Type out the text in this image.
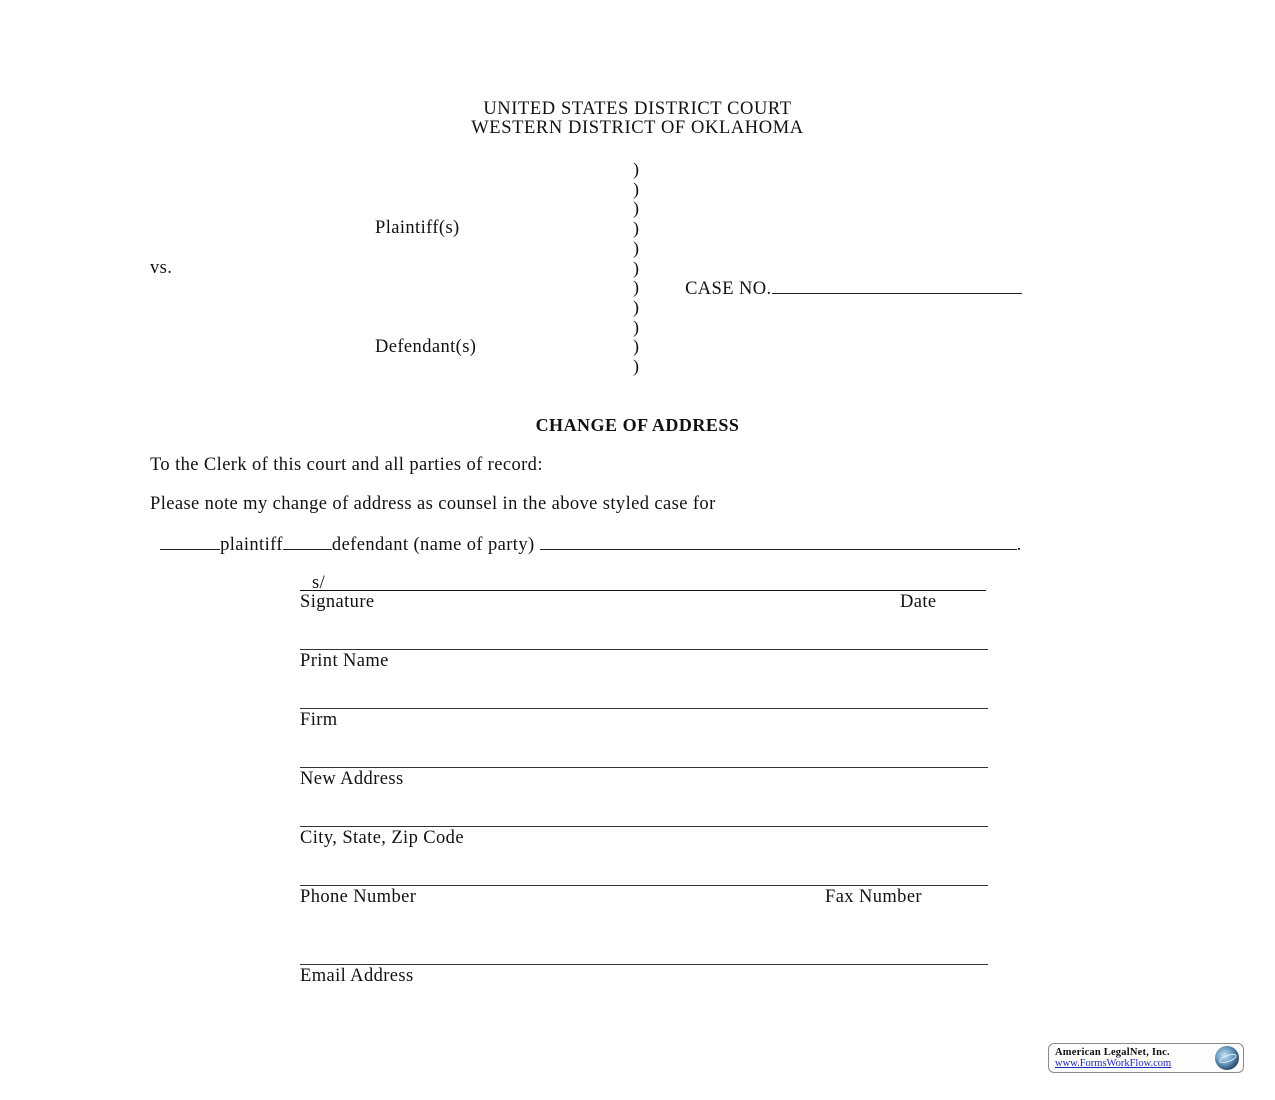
UNITED STATES DISTRICT COURT
WESTERN DISTRICT OF OKLAHOMA
Plaintiff(s)
vs.
Defendant(s)
)
)
)
)
)
)
)
)
)
)
)

CASE NO.

CHANGE OF ADDRESS
To the Clerk of this court and all parties of record:
Please note my change of address as counsel in the above styled case for

plaintiff	defendant (name of party)	.

s/
Signature	Date
Print Name
Firm
New Address
City, State, Zip Code
Phone Number	Fax Number
Email Address
American LegalNet, Inc.
www.FormsWorkFlow.com
